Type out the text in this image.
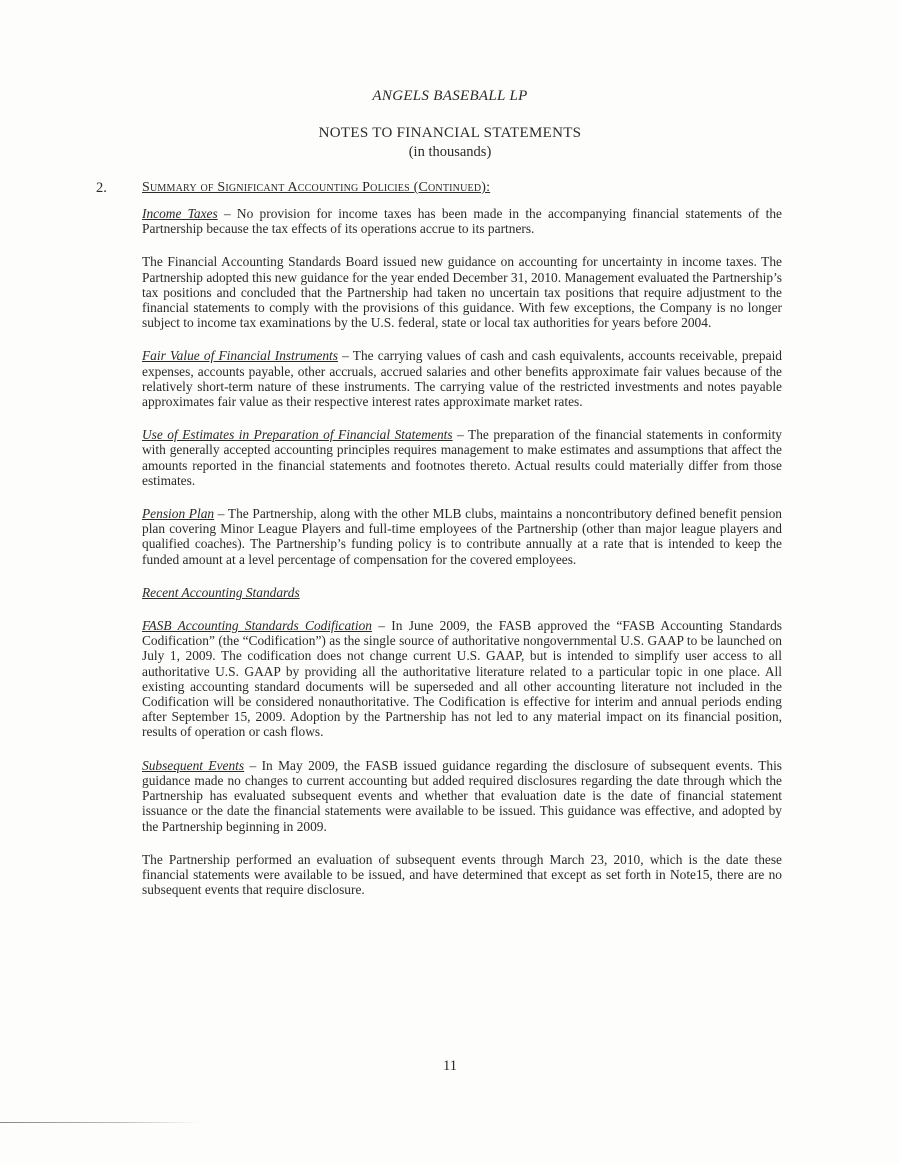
ANGELS BASEBALL LP
NOTES TO FINANCIAL STATEMENTS
(in thousands)
2.	Summary of Significant Accounting Policies (Continued):

Income Taxes – No provision for income taxes has been made in the accompanying financial statements of the Partnership because the tax effects of its operations accrue to its partners.

The Financial Accounting Standards Board issued new guidance on accounting for uncertainty in income taxes. The Partnership adopted this new guidance for the year ended December 31, 2010. Management evaluated the Partnership’s tax positions and concluded that the Partnership had taken no uncertain tax positions that require adjustment to the financial statements to comply with the provisions of this guidance. With few exceptions, the Company is no longer subject to income tax examinations by the U.S. federal, state or local tax authorities for years before 2004.

Fair Value of Financial Instruments – The carrying values of cash and cash equivalents, accounts receivable, prepaid expenses, accounts payable, other accruals, accrued salaries and other benefits approximate fair values because of the relatively short-term nature of these instruments. The carrying value of the restricted investments and notes payable approximates fair value as their respective interest rates approximate market rates.

Use of Estimates in Preparation of Financial Statements – The preparation of the financial statements in conformity with generally accepted accounting principles requires management to make estimates and assumptions that affect the amounts reported in the financial statements and footnotes thereto. Actual results could materially differ from those estimates.

Pension Plan – The Partnership, along with the other MLB clubs, maintains a noncontributory defined benefit pension plan covering Minor League Players and full-time employees of the Partnership (other than major league players and qualified coaches). The Partnership’s funding policy is to contribute annually at a rate that is intended to keep the funded amount at a level percentage of compensation for the covered employees.

Recent Accounting Standards

FASB Accounting Standards Codification – In June 2009, the FASB approved the “FASB Accounting Standards Codification” (the “Codification”) as the single source of authoritative nongovernmental U.S. GAAP to be launched on July 1, 2009. The codification does not change current U.S. GAAP, but is intended to simplify user access to all authoritative U.S. GAAP by providing all the authoritative literature related to a particular topic in one place. All existing accounting standard documents will be superseded and all other accounting literature not included in the Codification will be considered nonauthoritative. The Codification is effective for interim and annual periods ending after September 15, 2009. Adoption by the Partnership has not led to any material impact on its financial position, results of operation or cash flows.

Subsequent Events – In May 2009, the FASB issued guidance regarding the disclosure of subsequent events. This guidance made no changes to current accounting but added required disclosures regarding the date through which the Partnership has evaluated subsequent events and whether that evaluation date is the date of financial statement issuance or the date the financial statements were available to be issued. This guidance was effective, and adopted by the Partnership beginning in 2009.

The Partnership performed an evaluation of subsequent events through March 23, 2010, which is the date these financial statements were available to be issued, and have determined that except as set forth in Note15, there are no subsequent events that require disclosure.

11
